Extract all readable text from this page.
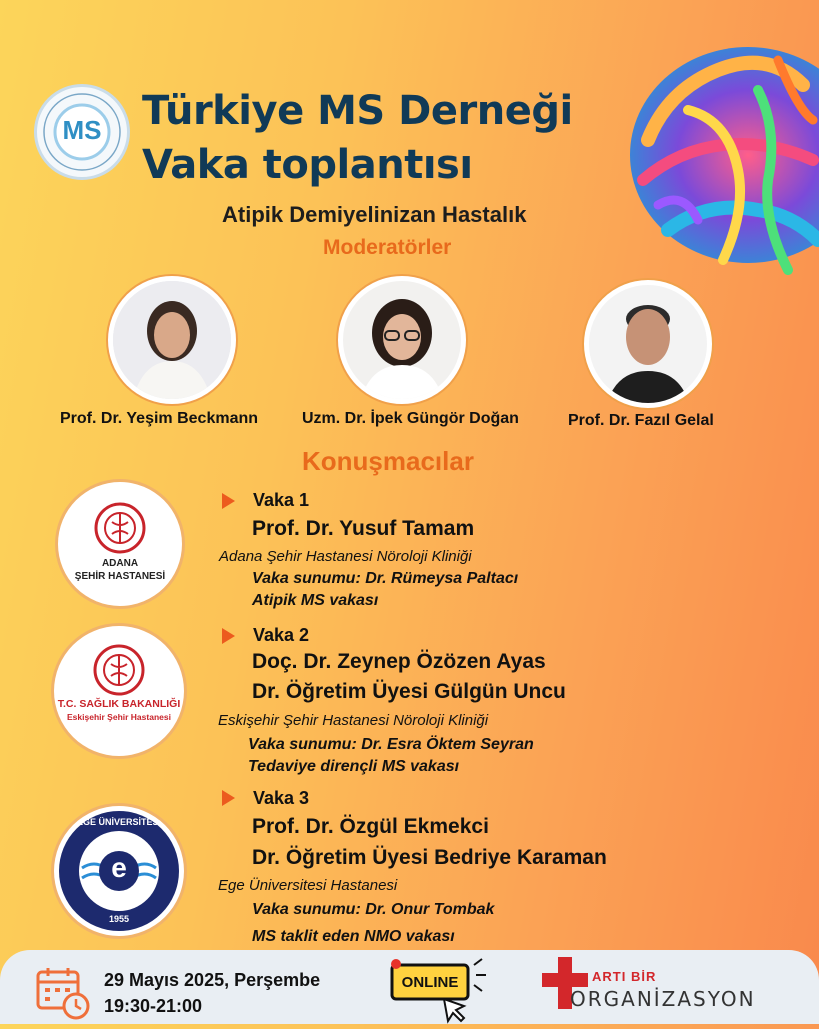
MS	Türkiye MS Derneği
Vaka toplantısı
Atipik Demiyelinizan Hastalık
Moderatörler
Prof. Dr. Yeşim Beckmann	Uzm. Dr. İpek Güngör Doğan	Prof. Dr. Fazıl Gelal
Konuşmacılar
ADANA
ŞEHİR HASTANESİ
Vaka 1
Prof. Dr. Yusuf Tamam
Adana Şehir Hastanesi Nöroloji Kliniği
Vaka sunumu: Dr. Rümeysa Paltacı
Atipik MS vakası
T.C. SAĞLIK BAKANLIĞI
Eskişehir Şehir Hastanesi
Vaka 2
Doç. Dr. Zeynep Özözen Ayas
Dr. Öğretim Üyesi Gülgün Uncu
Eskişehir Şehir Hastanesi Nöroloji Kliniği
Vaka sunumu: Dr. Esra Öktem Seyran
Tedaviye dirençli MS vakası
e
EGE ÜNİVERSİTESİ
1955
Vaka 3
Prof. Dr. Özgül Ekmekci
Dr. Öğretim Üyesi Bedriye Karaman
Ege Üniversitesi Hastanesi
Vaka sunumu: Dr. Onur Tombak
MS taklit eden NMO vakası
29 Mayıs 2025, Perşembe
19:30-21:00
ONLINE	ARTI BİR
ORGANİZASYON
